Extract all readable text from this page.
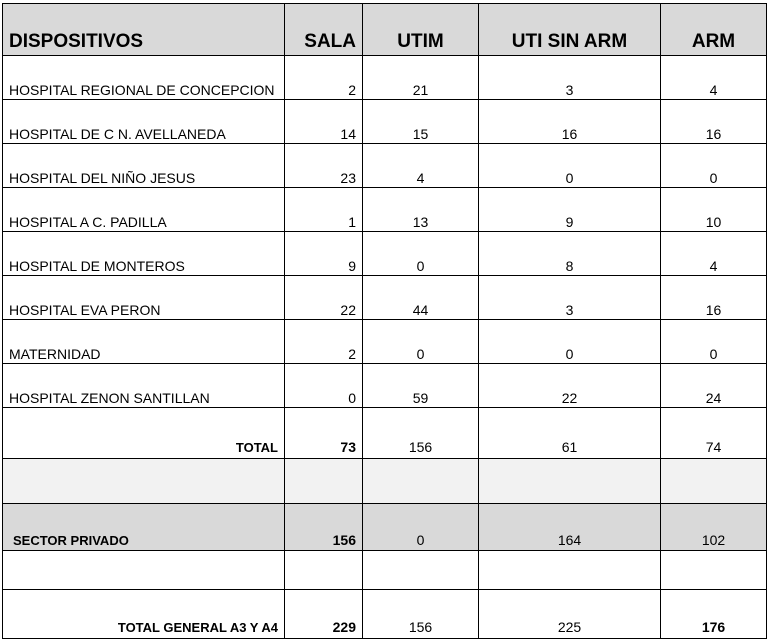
DISPOSITIVOS	SALA	UTIM	UTI SIN ARM	ARM
HOSPITAL REGIONAL DE CONCEPCION	2	21	3	4
HOSPITAL DE C N. AVELLANEDA	14	15	16	16
HOSPITAL DEL NIÑO JESUS	23	4	0	0
HOSPITAL A C. PADILLA	1	13	9	10
HOSPITAL DE MONTEROS	9	0	8	4
HOSPITAL EVA PERON	22	44	3	16
MATERNIDAD	2	0	0	0
HOSPITAL ZENON SANTILLAN	0	59	22	24
TOTAL	73	156	61	74

SECTOR PRIVADO	156	0	164	102

TOTAL GENERAL A3 Y A4	229	156	225	176
